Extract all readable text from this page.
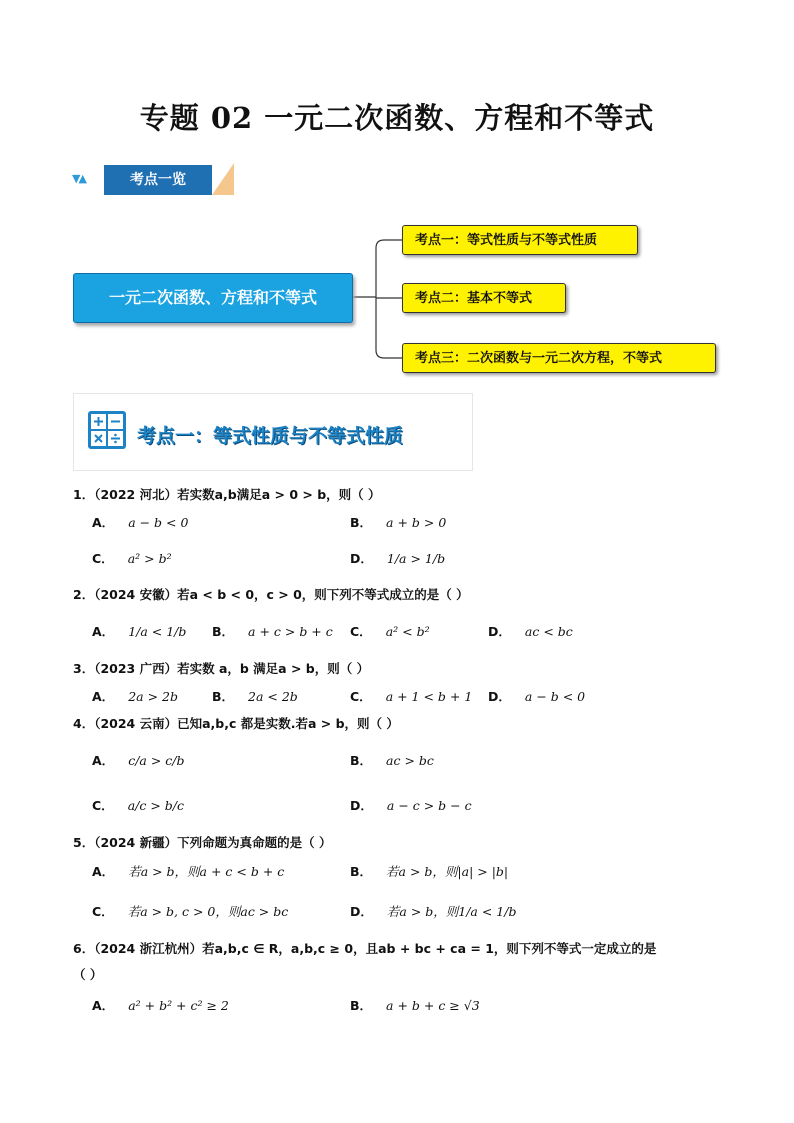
专题 02 一元二次函数、方程和不等式
▼▲	考点一览
一元二次函数、方程和不等式
考点一：等式性质与不等式性质
考点二：基本不等式
考点三：二次函数与一元二次方程，不等式
考点一：等式性质与不等式性质
1．（2022 河北）若实数a,b满足a > 0 > b，则（ ）
A． a − b < 0	B． a + b > 0
C． a² > b²	D． 1/a > 1/b
2．（2024 安徽）若a < b < 0，c > 0，则下列不等式成立的是（ ）
A． 1/a < 1/b B． a + c > b + c C． a² < b²	D． ac < bc
3．（2023 广西）若实数 a，b 满足a > b，则（ ）
A． 2a > 2b	B． 2a < 2b	C． a + 1 < b + 1 D． a − b < 0
4．（2024 云南）已知a,b,c 都是实数.若a > b，则（ ）
A． c/a > c/b	B． ac > bc
C． a/c > b/c	D． a − c > b − c
5．（2024 新疆）下列命题为真命题的是（ ）
A． 若a > b，则a + c < b + c	B． 若a > b，则|a| > |b|
C． 若a > b, c > 0，则ac > bc	D． 若a > b，则1/a < 1/b
6．（2024 浙江杭州）若a,b,c ∈ R，a,b,c ≥ 0，且ab + bc + ca = 1，则下列不等式一定成立的是
（ ）
A． a² + b² + c² ≥ 2	B． a + b + c ≥ √3
